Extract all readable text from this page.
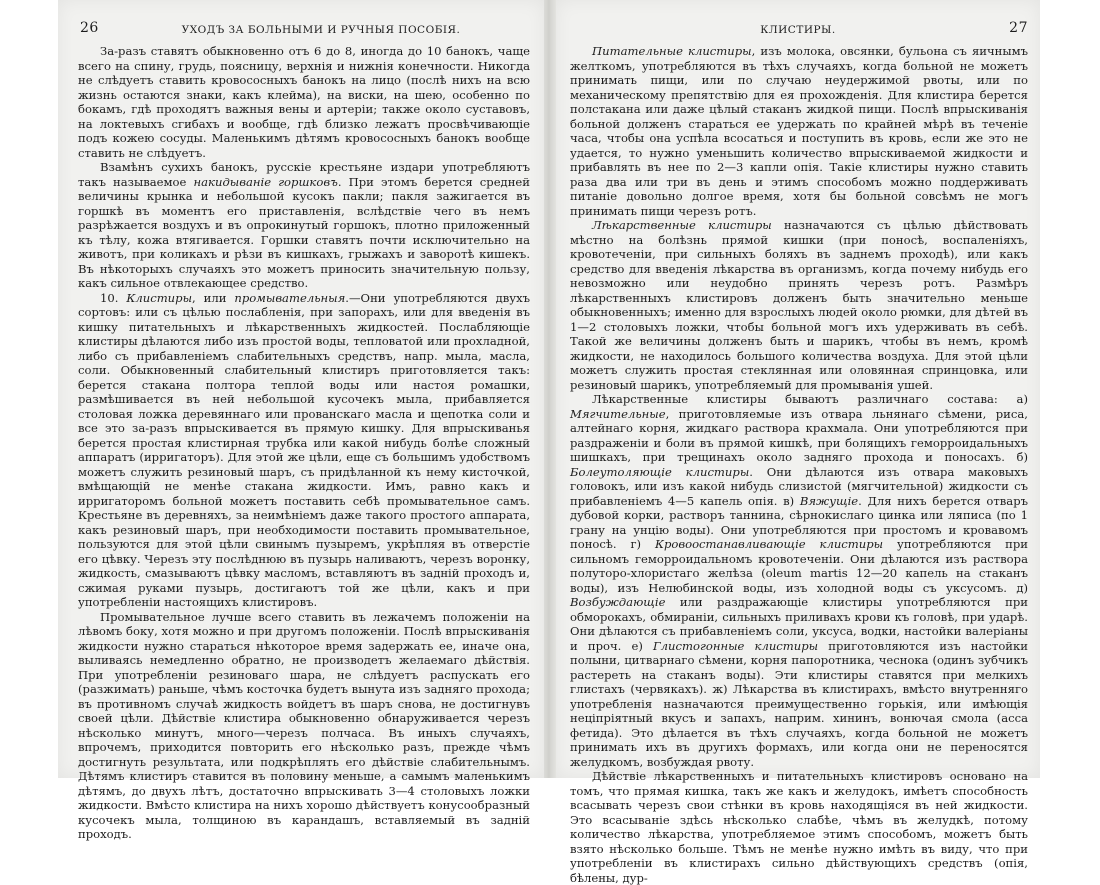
26	УХОДЪ ЗА БОЛЬНЫМИ И РУЧНЫЯ ПОСОБІЯ.

За-разъ ставятъ обыкновенно отъ 6 до 8, иногда до 10 банокъ, чаще всего на спину, грудь, поясницу, верхнія и нижнія конечности. Никогда не слѣдуетъ ставить кровососныхъ банокъ на лицо (послѣ нихъ на всю жизнь остаются знаки, какъ клейма), на виски, на шею, особенно по бокамъ, гдѣ проходятъ важныя вены и артеріи; также около суставовъ, на локтевыхъ сгибахъ и вообще, гдѣ близко лежатъ просвѣчивающіе подъ кожею сосуды. Маленькимъ дѣтямъ кровососныхъ банокъ вообще ставить не слѣдуетъ.

Взамѣнъ сухихъ банокъ, русскіе крестьяне издари употребляютъ такъ называемое накидываніе горшковъ. При этомъ берется средней величины крынка и небольшой кусокъ пакли; пакля зажигается въ горшкѣ въ моментъ его приставленія, вслѣдствіе чего въ немъ разрѣжается воздухъ и въ опрокинутый горшокъ, плотно приложенный къ тѣлу, кожа втягивается. Горшки ставятъ почти исключительно на животъ, при коликахъ и рѣзи въ кишкахъ, грыжахъ и заворотѣ кишекъ. Въ нѣкоторыхъ случаяхъ это можетъ приносить значительную пользу, какъ сильное отвлекающее средство.

10. Клистиры, или промывательныя.—Они употребляются двухъ сортовъ: или съ цѣлью послабленія, при запорахъ, или для введенія въ кишку питательныхъ и лѣкарственныхъ жидкостей. Послабляющіе клистиры дѣлаются либо изъ простой воды, тепловатой или прохладной, либо съ прибавленіемъ слабительныхъ средствъ, напр. мыла, масла, соли. Обыкновенный слабительный клистиръ приготовляется такъ: берется стакана полтора теплой воды или настоя ромашки, размѣшивается въ ней небольшой кусочекъ мыла, прибавляется столовая ложка деревяннаго или прованскаго масла и щепотка соли и все это за-разъ впрыскивается въ прямую кишку. Для впрыскиванья берется простая клистирная трубка или какой нибудь болѣе сложный аппаратъ (ирригаторъ). Для этой же цѣли, еще съ большимъ удобствомъ можетъ служить резиновый шаръ, съ придѣланной къ нему кисточкой, вмѣщающій не менѣе стакана жидкости. Имъ, равно какъ и ирригаторомъ больной можетъ поставить себѣ промывательное самъ. Крестьяне въ деревняхъ, за неимѣніемъ даже такого простого аппарата, какъ резиновый шаръ, при необходимости поставить промывательное, пользуются для этой цѣли свинымъ пузыремъ, укрѣпляя въ отверстіе его цѣвку. Черезъ эту послѣднюю въ пузырь наливаютъ, черезъ воронку, жидкость, смазываютъ цѣвку масломъ, вставляютъ въ задній проходъ и, сжимая руками пузырь, достигаютъ той же цѣли, какъ и при употребленіи настоящихъ клистировъ.

Промывательное лучше всего ставить въ лежачемъ положеніи на лѣвомъ боку, хотя можно и при другомъ положеніи. Послѣ впрыскиванія жидкости нужно стараться нѣкоторое время задержать ее, иначе она, выливаясь немедленно обратно, не производетъ желаемаго дѣйствія. При употребленіи резиноваго шара, не слѣдуетъ распускать его (разжимать) раньше, чѣмъ косточка будетъ вынута изъ задняго прохода; въ противномъ случаѣ жидкость войдетъ въ шаръ снова, не достигнувъ своей цѣли. Дѣйствіе клистира обыкновенно обнаруживается черезъ нѣсколько минутъ, много—черезъ полчаса. Въ иныхъ случаяхъ, впрочемъ, приходится повторить его нѣсколько разъ, прежде чѣмъ достигнуть результата, или подкрѣплять его дѣйствіе слабительнымъ. Дѣтямъ клистиръ ставится въ половину меньше, а самымъ маленькимъ дѣтямъ, до двухъ лѣтъ, достаточно впрыскивать 3—4 столовыхъ ложки жидкости. Вмѣсто клистира на нихъ хорошо дѣйствуетъ конусообразный кусочекъ мыла, толщиною въ карандашъ, вставляемый въ задній проходъ.

КЛИСТИРЫ.	27

Питательные клистиры, изъ молока, овсянки, бульона съ яичнымъ желткомъ, употребляются въ тѣхъ случаяхъ, когда больной не можетъ принимать пищи, или по случаю неудержимой рвоты, или по механическому препятствію для ея прохожденія. Для клистира берется полстакана или даже цѣлый стаканъ жидкой пищи. Послѣ впрыскиванія больной долженъ стараться ее удержать по крайней мѣрѣ въ теченіе часа, чтобы она успѣла всосаться и поступить въ кровь, если же это не удается, то нужно уменьшить количество впрыскиваемой жидкости и прибавлять въ нее по 2—3 капли опія. Такіе клистиры нужно ставить раза два или три въ день и этимъ способомъ можно поддерживать питаніе довольно долгое время, хотя бы больной совсѣмъ не могъ принимать пищи черезъ ротъ.

Лѣкарственные клистиры назначаются съ цѣлью дѣйствовать мѣстно на болѣзнь прямой кишки (при поносѣ, воспаленіяхъ, кровотеченіи, при сильныхъ боляхъ въ заднемъ проходѣ), или какъ средство для введенія лѣкарства въ организмъ, когда почему нибудь его невозможно или неудобно принять черезъ ротъ. Размѣръ лѣкарственныхъ клистировъ долженъ быть значительно меньше обыкновенныхъ; именно для взрослыхъ людей около рюмки, для дѣтей въ 1—2 столовыхъ ложки, чтобы больной могъ ихъ удерживать въ себѣ. Такой же величины долженъ быть и шарикъ, чтобы въ немъ, кромѣ жидкости, не находилось большого количества воздуха. Для этой цѣли можетъ служить простая стеклянная или оловянная спринцовка, или резиновый шарикъ, употребляемый для промыванія ушей.

Лѣкарственные клистиры бываютъ различнаго состава: а) Мягчительные, приготовляемые изъ отвара льнянаго сѣмени, риса, алтейнаго корня, жидкаго раствора крахмала. Они употребляются при раздраженіи и боли въ прямой кишкѣ, при болящихъ геморроидальныхъ шишкахъ, при трещинахъ около задняго прохода и поносахъ. б) Болеутоляющіе клистиры. Они дѣлаются изъ отвара маковыхъ головокъ, или изъ какой нибудь слизистой (мягчительной) жидкости съ прибавленіемъ 4—5 капель опія. в) Вяжущіе. Для нихъ берется отваръ дубовой корки, растворъ таннина, сѣрнокислаго цинка или ляписа (по 1 грану на унцію воды). Они употребляются при простомъ и кровавомъ поносѣ. г) Кровоостанавливающіе клистиры употребляются при сильномъ геморроидальномъ кровотеченіи. Они дѣлаются изъ раствора полуторо-хлористаго желѣза (oleum martis 12—20 капель на стаканъ воды), изъ Нелюбинской воды, изъ холодной воды съ уксусомъ. д) Возбуждающіе или раздражающіе клистиры употребляются при обморокахъ, обмираніи, сильныхъ приливахъ крови къ головѣ, при ударѣ. Они дѣлаются съ прибавленіемъ соли, уксуса, водки, настойки валеріаны и проч. е) Глистогонные клистиры приготовляются изъ настойки полыни, цитварнаго сѣмени, корня папоротника, чеснока (одинъ зубчикъ растереть на стаканъ воды). Эти клистиры ставятся при мелкихъ глистахъ (червякахъ). ж) Лѣкарства въ клистирахъ, вмѣсто внутренняго употребленія назначаются преимущественно горькія, или имѣющія неціпріятный вкусъ и запахъ, наприм. хининъ, вонючая смола (асса фетида). Это дѣлается въ тѣхъ случаяхъ, когда больной не можетъ принимать ихъ въ другихъ формахъ, или когда они не переносятся желудкомъ, возбуждая рвоту.

Дѣйствіе лѣкарственныхъ и питательныхъ клистировъ основано на томъ, что прямая кишка, такъ же какъ и желудокъ, имѣетъ способность всасывать черезъ свои стѣнки въ кровь находящіяся въ ней жидкости. Это всасываніе здѣсь нѣсколько слабѣе, чѣмъ въ желудкѣ, потому количество лѣкарства, употребляемое этимъ способомъ, можетъ быть взято нѣсколько больше. Тѣмъ не менѣе нужно имѣть въ виду, что при употребленіи въ клистирахъ сильно дѣйствующихъ средствъ (опія, бѣлены, дур-
